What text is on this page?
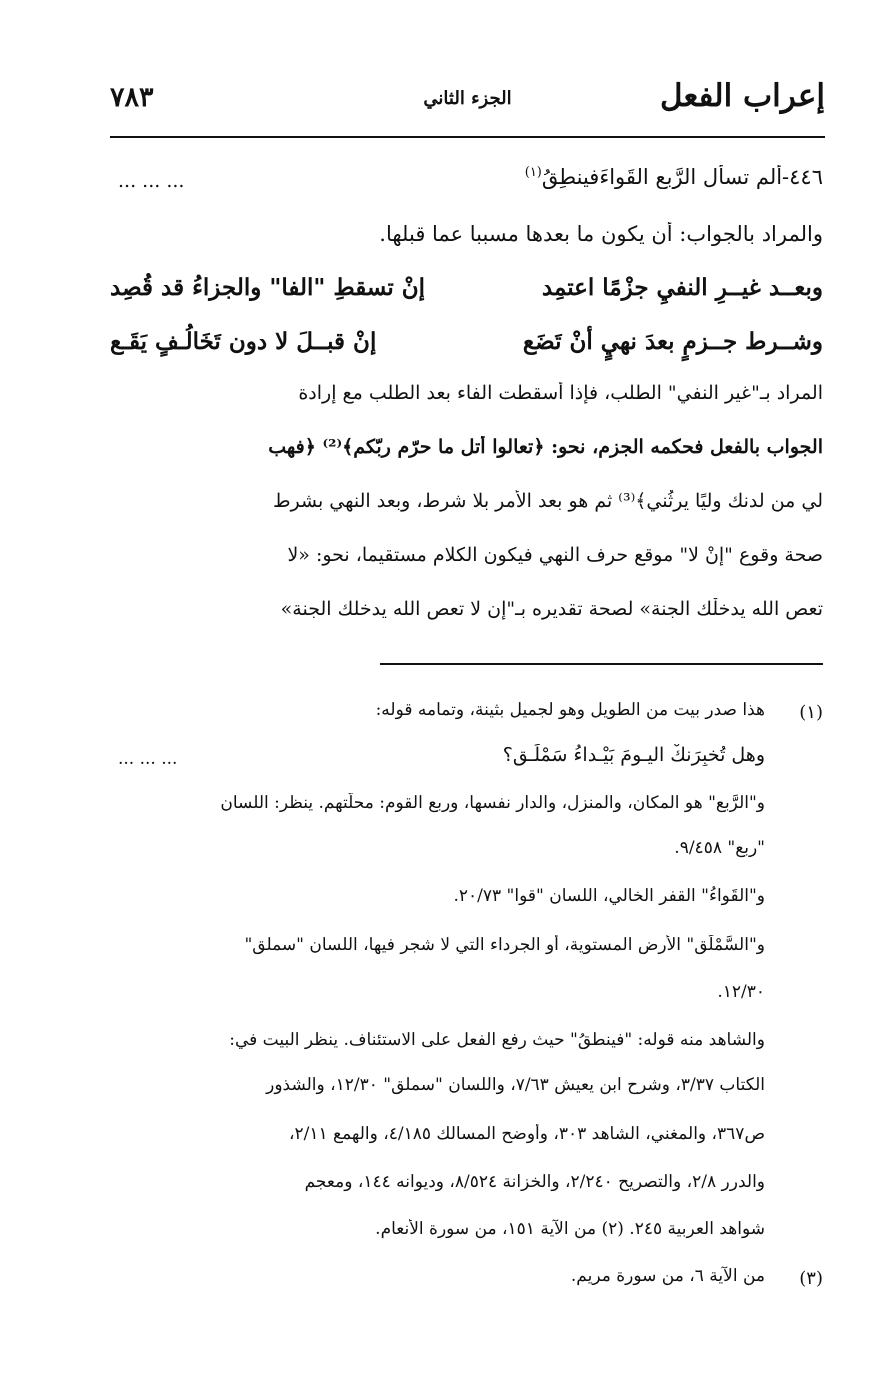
إعراب الفعل
الجزء الثاني
٧٨٣
٤٤٦-ألم تسألِ الرَّبع القَواءَفينطِقُ$^{(١)}$
... ... ...
والمراد بالجواب: أن يكون ما بعدها مسببا عما قبلها.
وبعــد غيــرِ النفيِ جزْمًا اعتمِد
إنْ تسقطِ "الفا" والجزاءُ قد قُصِد
وشــرط جــزمٍ بعدَ نهيٍ أنْ تَضَع
إنْ قبــلَ لا دون تَخَالُـفٍ يَقَـع
المراد بـ"غير النفي" الطلب، فإذا أسقطت الفاء بعد الطلب مع إرادة
الجواب بالفعل فحكمه الجزم، نحو: ﴿تعالوا أتل ما حرّم ربّكم﴾⁽²⁾ ﴿فهب
لي من لدنك وليًا يرثُني﴾⁽³⁾ ثم هو بعد الأمر بلا شرط، وبعد النهي بشرط
صحة وقوع "إنْ لا" موقع حرف النهي فيكون الكلام مستقيما، نحو: «لا
تعصِ الله يدخلْك الجنة» لصحة تقديره بـ"إن لا تعصِ الله يدخلك الجنة»
(١)
هذا صدر بيت من الطويل وهو لجميل بثينة، وتمامه قوله:
وهل تُخبِرَنكْ اليـومَ بَيْـداءُ سَمْلَـق؟
... ... ...
و"الرَّبع" هو المكان، والمنزل، والدار نفسها، وربع القوم: محلّتهم. ينظر: اللسان
"ربع" ٩/٤٥٨.
و"القَواءُ" القفر الخالي، اللسان "قوا" ٢٠/٧٣.
و"السَّمْلَق" الأرض المستوية، أو الجرداء التي لا شجر فيها، اللسان "سملق"
١٢/٣٠.
والشاهد منه قوله: "فينطقُ" حيث رفع الفعل على الاستئناف. ينظر البيت في:
الكتاب ٣/٣٧، وشرح ابن يعيش ٧/٦٣، واللسان "سملق" ١٢/٣٠، والشذور
ص٣٦٧، والمغني، الشاهد ٣٠٣، وأوضح المسالك ٤/١٨٥، والهمع ٢/١١،
والدرر ٢/٨، والتصريح ٢/٢٤٠، والخزانة ٨/٥٢٤، وديوانه ١٤٤، ومعجم
شواهد العربية ٢٤٥. (٢) من الآية ١٥١، من سورة الأنعام.
(٣)
من الآية ٦، من سورة مريم.
